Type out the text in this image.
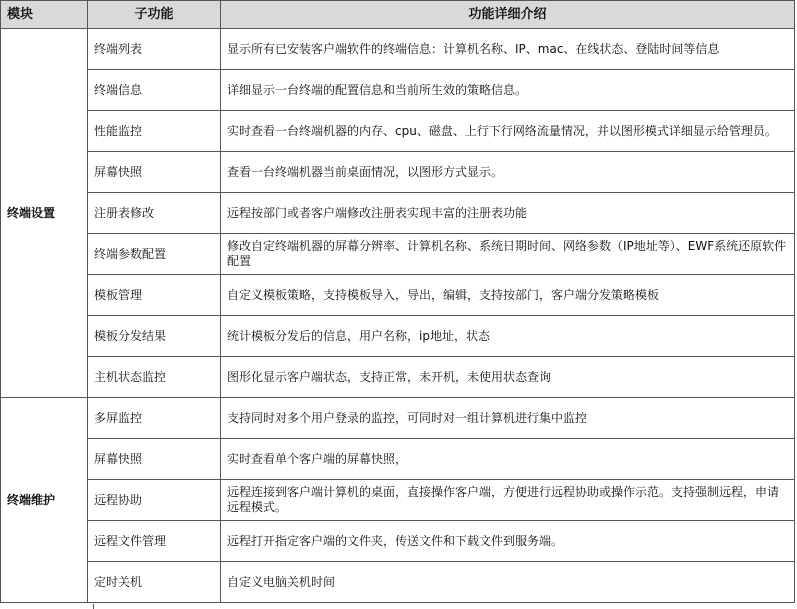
模块	子功能	功能详细介绍
终端设置	终端列表	显示所有已安装客户端软件的终端信息：计算机名称、IP、mac、在线状态、登陆时间等信息
	终端信息	详细显示一台终端的配置信息和当前所生效的策略信息。
	性能监控	实时查看一台终端机器的内存、cpu、磁盘、上行下行网络流量情况，并以图形模式详细显示给管理员。
	屏幕快照	查看一台终端机器当前桌面情况，以图形方式显示。
	注册表修改	远程按部门或者客户端修改注册表实现丰富的注册表功能
	终端参数配置	修改自定终端机器的屏幕分辨率、计算机名称、系统日期时间、网络参数（IP地址等）、EWF系统还原软件配置
	模板管理	自定义模板策略，支持模板导入，导出，编辑，支持按部门，客户端分发策略模板
	模板分发结果	统计模板分发后的信息，用户名称，ip地址，状态
	主机状态监控	图形化显示客户端状态，支持正常，未开机，未使用状态查询
终端维护	多屏监控	支持同时对多个用户登录的监控，可同时对一组计算机进行集中监控
	屏幕快照	实时查看单个客户端的屏幕快照，
	远程协助	远程连接到客户端计算机的桌面，直接操作客户端，方便进行远程协助或操作示范。支持强制远程，申请远程模式。
	远程文件管理	远程打开指定客户端的文件夹，传送文件和下载文件到服务端。
	定时关机	自定义电脑关机时间
